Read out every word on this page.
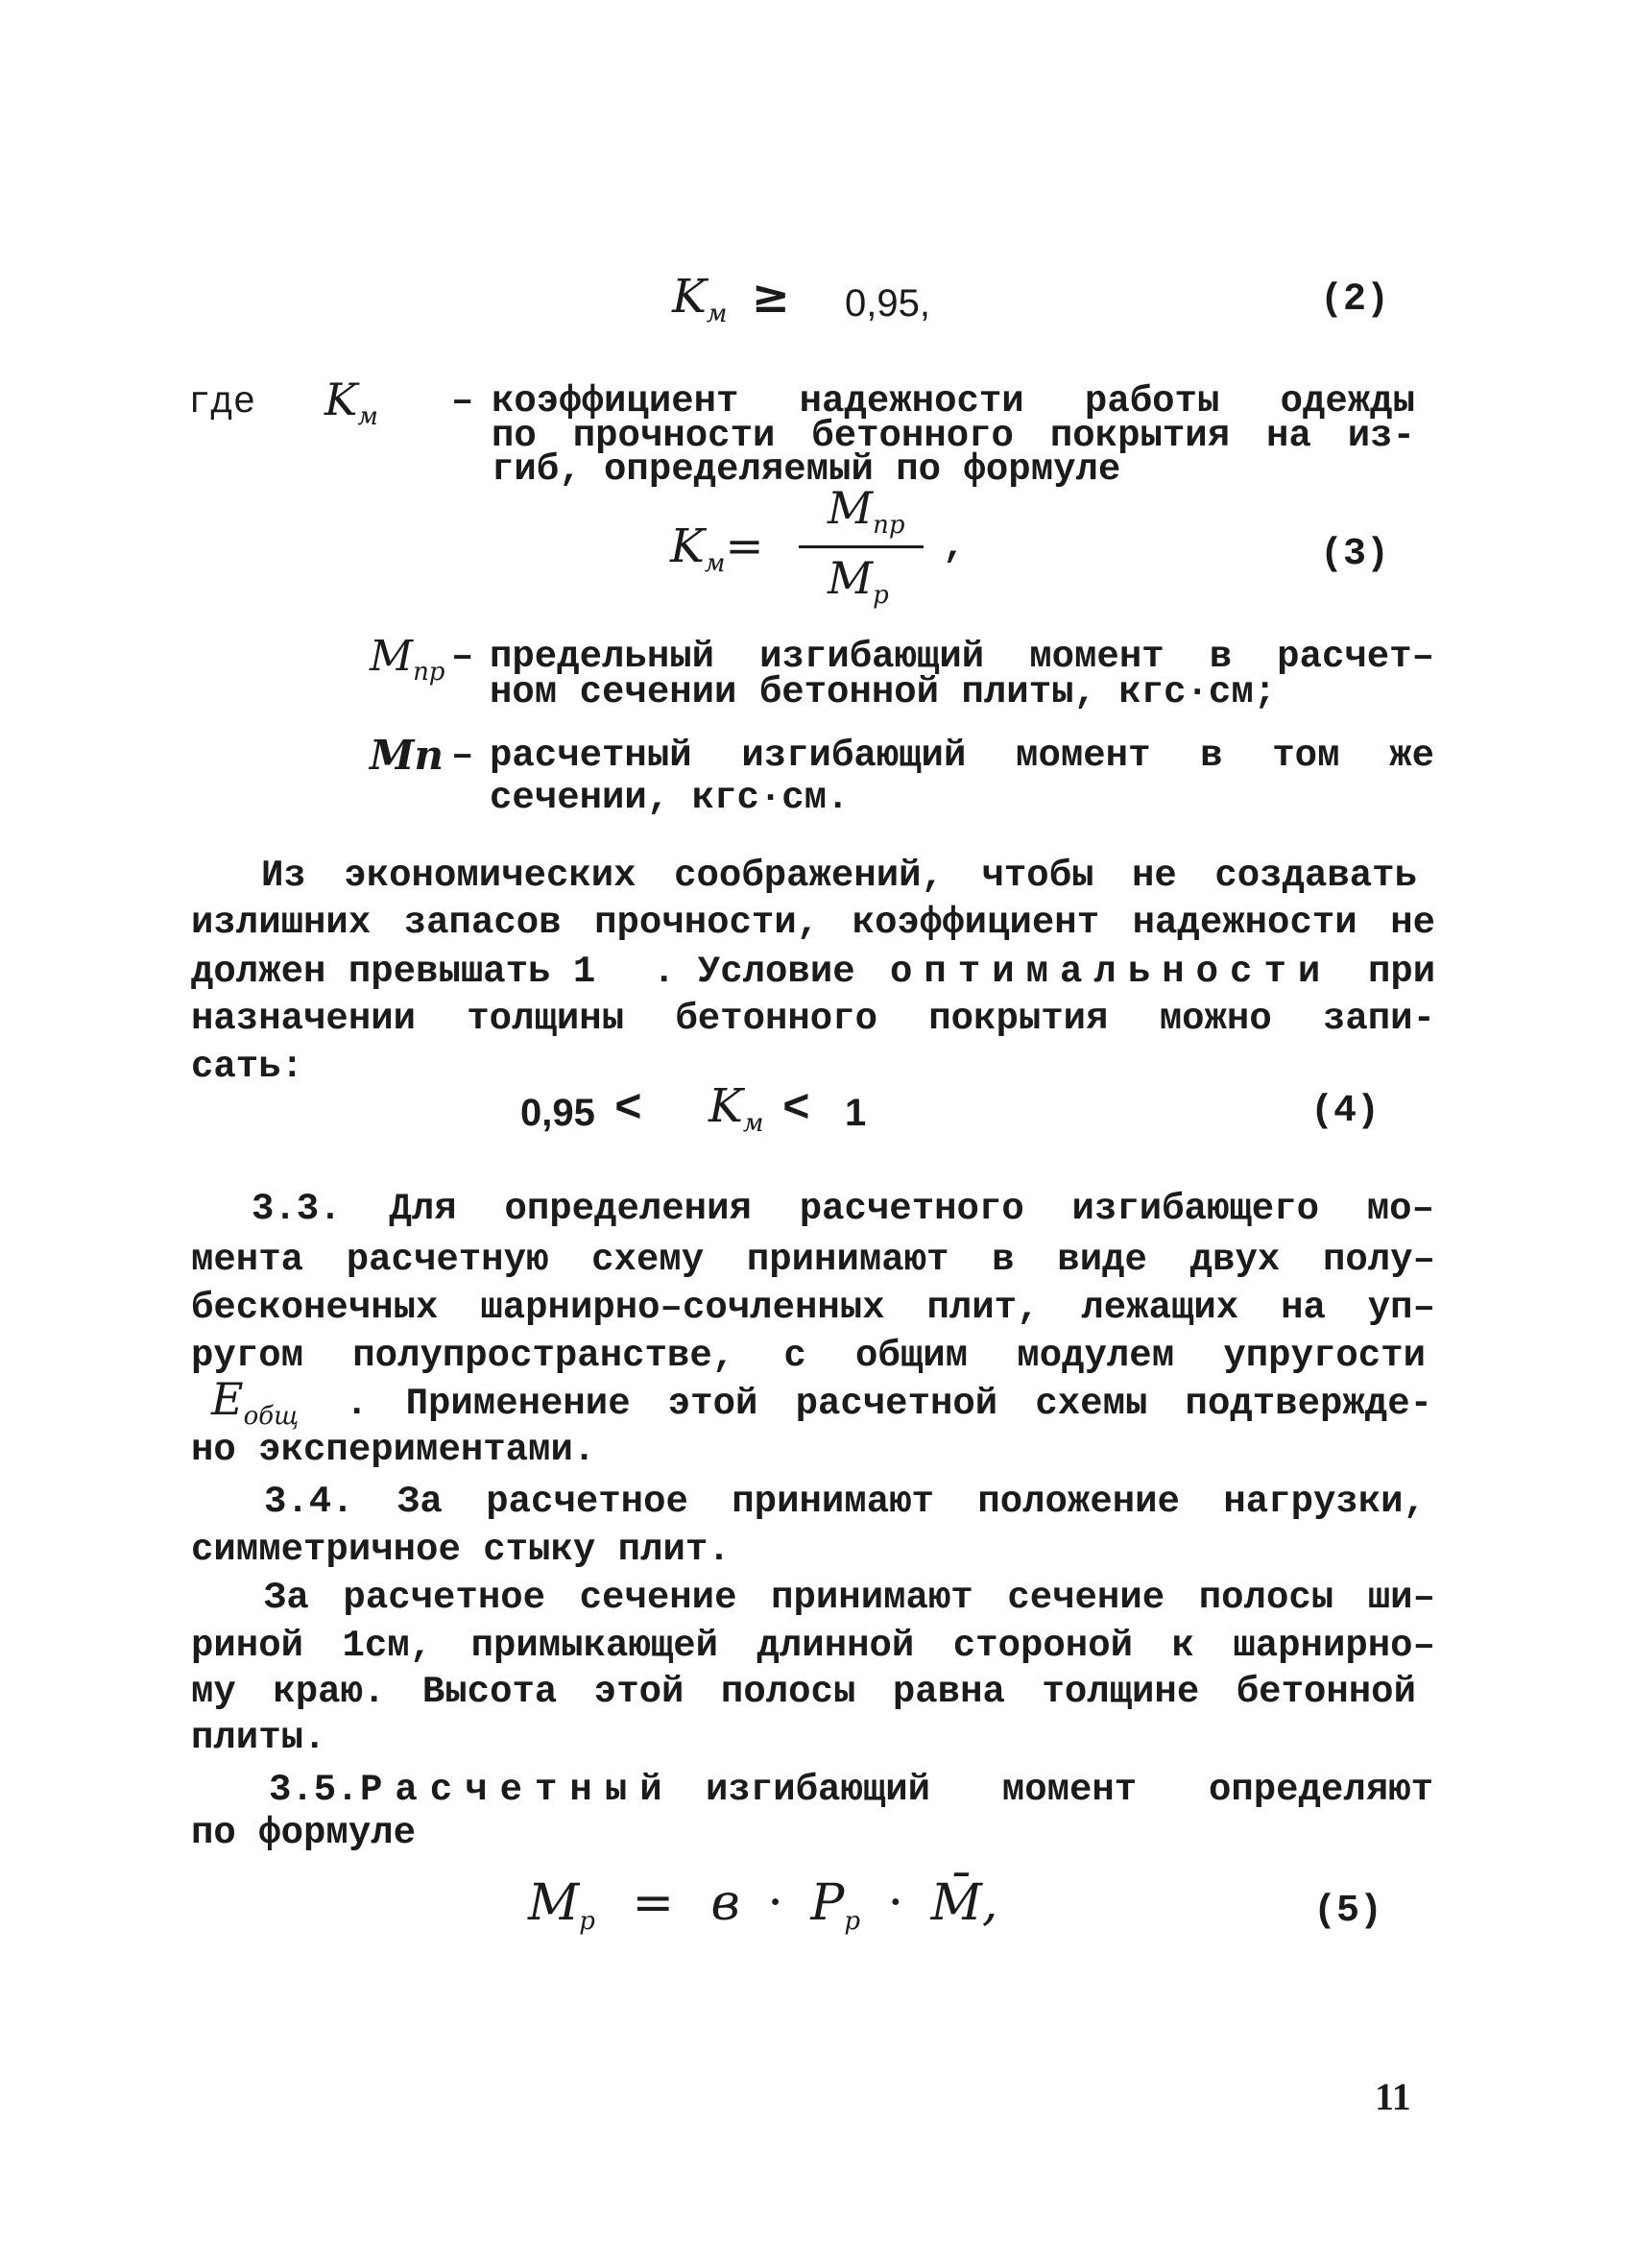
$K_м \ge 0,95$,	(2)
где $K_м$ – коэффициент надежности работы одежды
по прочности бетонного покрытия на из-
гиб, определяемый по формуле
$K_м=$
$M_{пр}$
$M_р$
,	(3)
$M_{пр}$ – предельный изгибающий момент в расчет–
ном сечении бетонной плиты, кгс·см;
Mп – расчетный изгибающий момент в том же
сечении, кгс·см.
Из экономических соображений, чтобы не создавать
излишних запасов прочности, коэффициент надежности не
должен превышать 1 . Условие оптимальности при
назначении толщины бетонного покрытия можно запи-
сать:
$0,95 < K_м < 1$	(4)
3.3. Для определения расчетного изгибающего мо–
мента расчетную схему принимают в виде двух полу–
бесконечных шарнирно–сочленных плит, лежащих на уп–
ругом полупространстве, с общим модулем упругости
$E_{общ}$ . Применение этой расчетной схемы подтвержде-
но экспериментами.
3.4. За расчетное принимают положение нагрузки,
симметричное стыку плит.
За расчетное сечение принимают сечение полосы ши–
риной 1см, примыкающей длинной стороной к шарнирно–
му краю. Высота этой полосы равна толщине бетонной
плиты.
3.5. Расчетный изгибающий момент определяют
по формуле
Mр = в · Pр · M̄,	(5)
11
